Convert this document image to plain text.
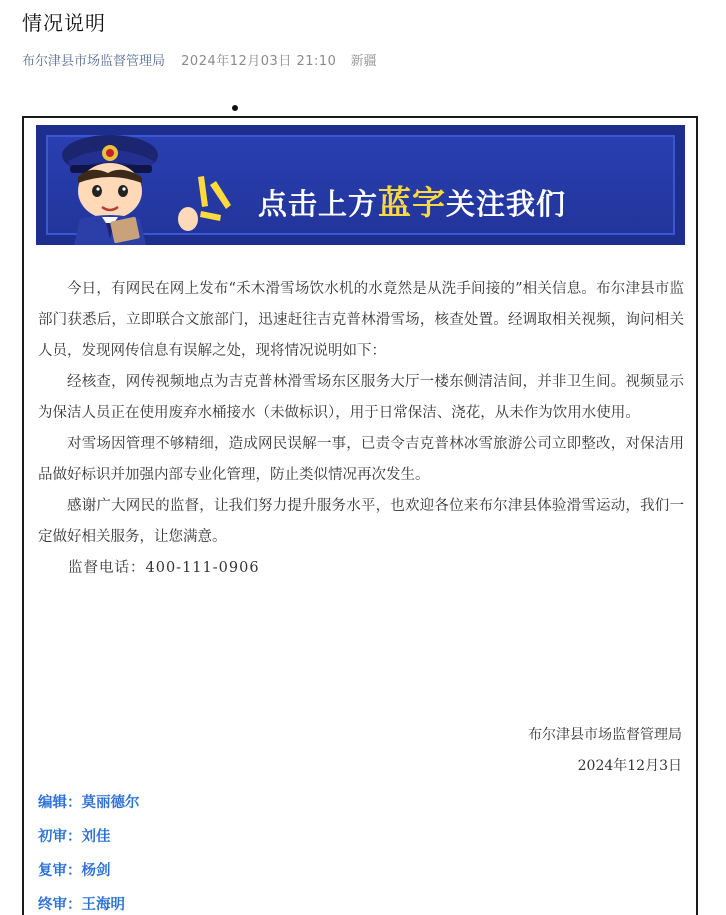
情况说明
布尔津县市场监督管理局 2024年12月03日 21:10 新疆
点击上方蓝字关注我们

今日，有网民在网上发布“禾木滑雪场饮水机的水竟然是从洗手间接的”相关信息。布尔津县市监部门获悉后，立即联合文旅部门，迅速赶往吉克普林滑雪场，核查处置。经调取相关视频，询问相关人员，发现网传信息有误解之处，现将情况说明如下：

经核查，网传视频地点为吉克普林滑雪场东区服务大厅一楼东侧清洁间，并非卫生间。视频显示为保洁人员正在使用废弃水桶接水（未做标识），用于日常保洁、浇花，从未作为饮用水使用。

对雪场因管理不够精细，造成网民误解一事，已责令吉克普林冰雪旅游公司立即整改，对保洁用品做好标识并加强内部专业化管理，防止类似情况再次发生。

感谢广大网民的监督，让我们努力提升服务水平，也欢迎各位来布尔津县体验滑雪运动，我们一定做好相关服务，让您满意。

监督电话：400-111-0906

布尔津县市场监督管理局
2024年12月3日
编辑：莫丽德尔
初审：刘佳
复审：杨剑
终审：王海明
